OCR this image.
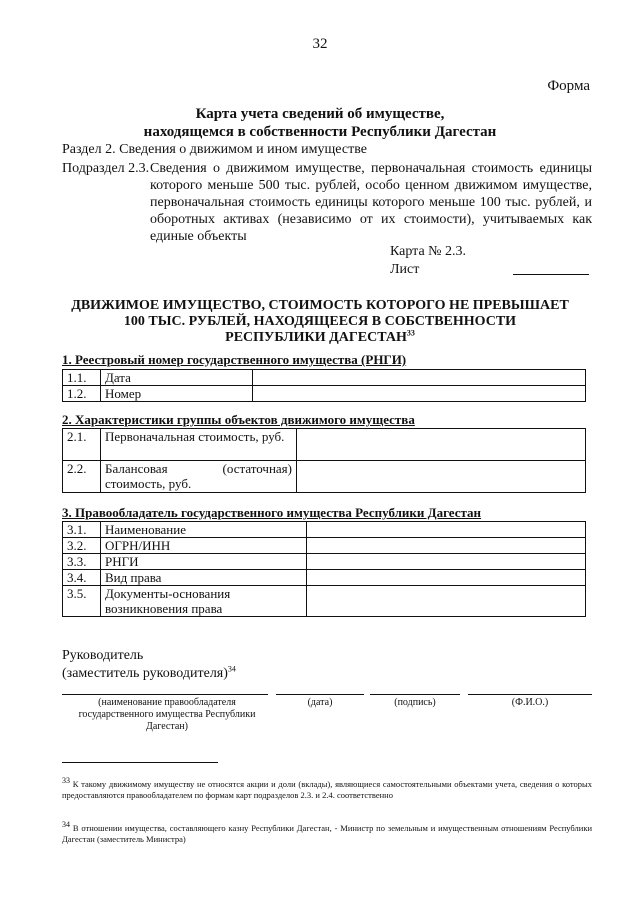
32
Форма
Карта учета сведений об имуществе,
находящемся в собственности Республики Дагестан
Раздел 2. Сведения о движимом и ином имуществе
Подраздел 2.3. Сведения о движимом имуществе, первоначальная стоимость единицы которого меньше 500 тыс. рублей, особо ценном движимом имуществе, первоначальная стоимость единицы которого меньше 100 тыс. рублей, и оборотных активах (независимо от их стоимости), учитываемых как единые объекты
Карта № 2.3.
Лист
ДВИЖИМОЕ ИМУЩЕСТВО, СТОИМОСТЬ КОТОРОГО НЕ ПРЕВЫШАЕТ
100 ТЫС. РУБЛЕЙ, НАХОДЯЩЕЕСЯ В СОБСТВЕННОСТИ
РЕСПУБЛИКИ ДАГЕСТАН$^{33}$
1. Реестровый номер государственного имущества (РНГИ)
1.1.	Дата	
1.2.	Номер	
2. Характеристики группы объектов движимого имущества
2.1.	Первоначальная стоимость, руб.	
2.2.	Балансовая (остаточная) стоимость, руб.	
3. Правообладатель государственного имущества Республики Дагестан
3.1.	Наименование	
3.2.	ОГРН/ИНН	
3.3.	РНГИ	
3.4.	Вид права	
3.5.	Документы-основания возникновения права	
Руководитель
(заместитель руководителя)$^{34}$
(наименование правообладателя государственного имущества Республики Дагестан)
(дата)	(подпись)	(Ф.И.О.)
$^{33}$ К такому движимому имуществу не относятся акции и доли (вклады), являющиеся самостоятельными объектами учета, сведения о которых предоставляются правообладателем по формам карт подразделов 2.3. и 2.4. соответственно
$^{34}$ В отношении имущества, составляющего казну Республики Дагестан, - Министр по земельным и имущественным отношениям Республики Дагестан (заместитель Министра)
